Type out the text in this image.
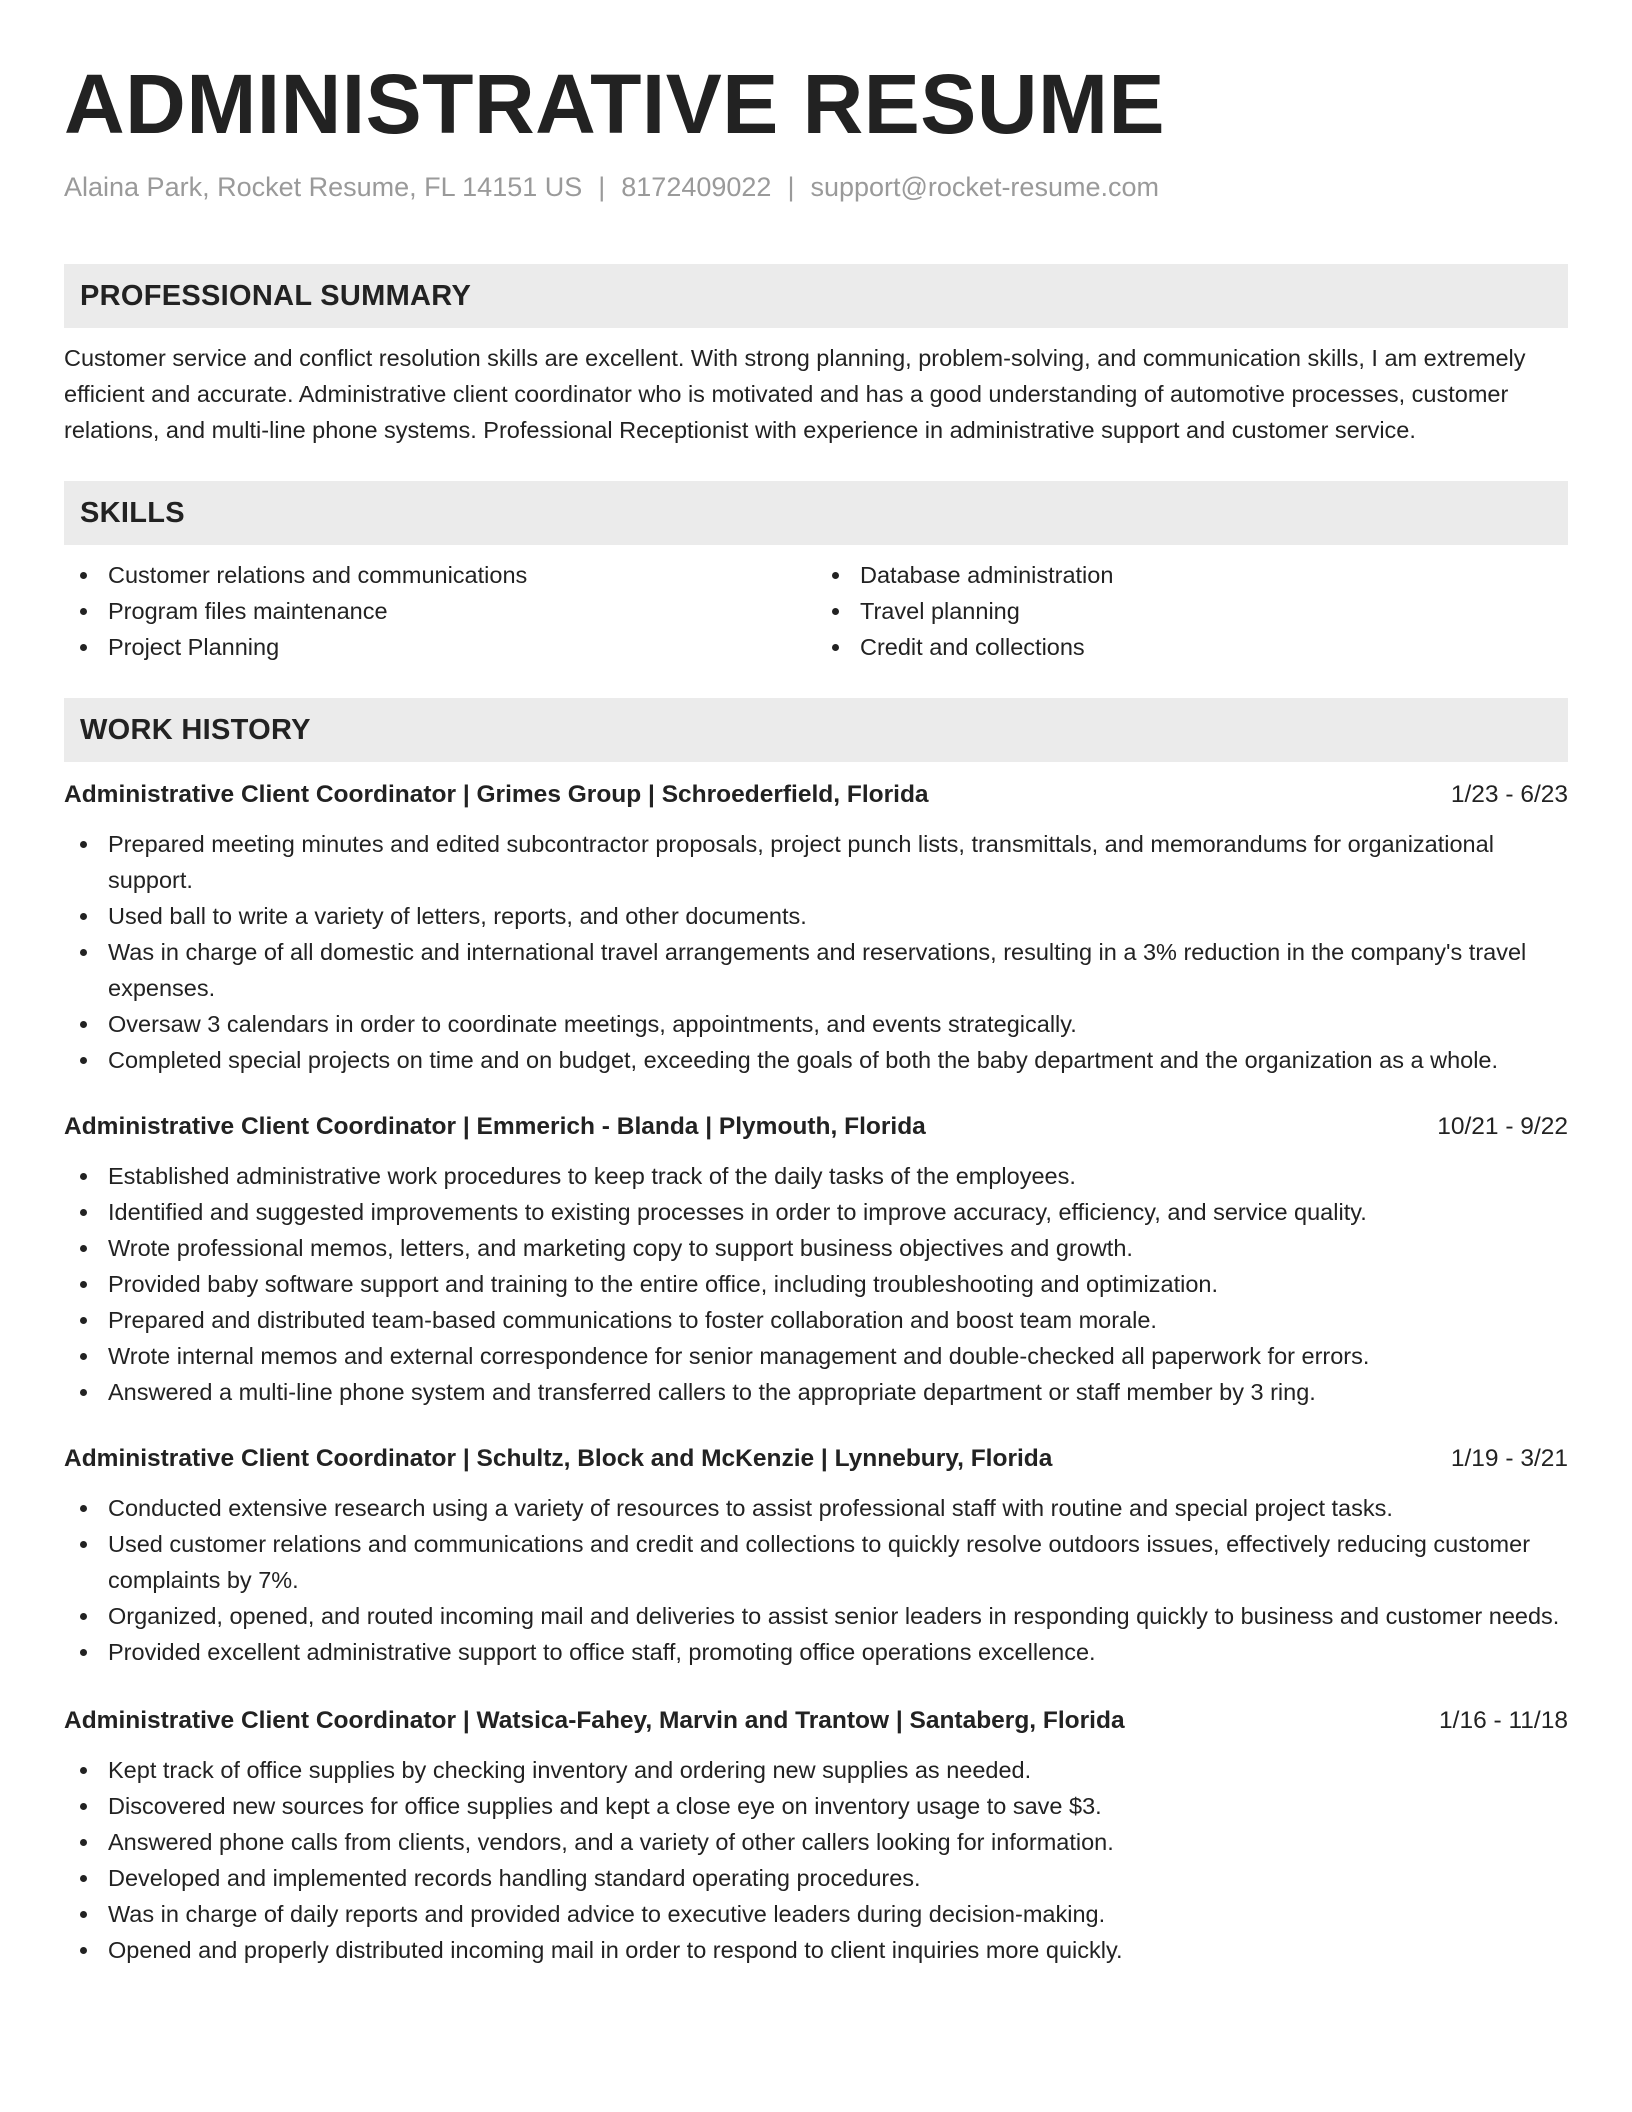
ADMINISTRATIVE RESUME
Alaina Park, Rocket Resume, FL 14151 US | 8172409022 | support@rocket-resume.com
PROFESSIONAL SUMMARY

Customer service and conflict resolution skills are excellent. With strong planning, problem-solving, and communication skills, I am extremely efficient and accurate. Administrative client coordinator who is motivated and has a good understanding of automotive processes, customer relations, and multi-line phone systems. Professional Receptionist with experience in administrative support and customer service.

SKILLS
Customer relations and communications
Program files maintenance
Project Planning
Database administration
Travel planning
Credit and collections
WORK HISTORY
Administrative Client Coordinator | Grimes Group | Schroederfield, Florida	1/23 - 6/23
Prepared meeting minutes and edited subcontractor proposals, project punch lists, transmittals, and memorandums for organizational support.
Used ball to write a variety of letters, reports, and other documents.
Was in charge of all domestic and international travel arrangements and reservations, resulting in a 3% reduction in the company's travel expenses.
Oversaw 3 calendars in order to coordinate meetings, appointments, and events strategically.
Completed special projects on time and on budget, exceeding the goals of both the baby department and the organization as a whole.
Administrative Client Coordinator | Emmerich - Blanda | Plymouth, Florida	10/21 - 9/22
Established administrative work procedures to keep track of the daily tasks of the employees.
Identified and suggested improvements to existing processes in order to improve accuracy, efficiency, and service quality.
Wrote professional memos, letters, and marketing copy to support business objectives and growth.
Provided baby software support and training to the entire office, including troubleshooting and optimization.
Prepared and distributed team-based communications to foster collaboration and boost team morale.
Wrote internal memos and external correspondence for senior management and double-checked all paperwork for errors.
Answered a multi-line phone system and transferred callers to the appropriate department or staff member by 3 ring.
Administrative Client Coordinator | Schultz, Block and McKenzie | Lynnebury, Florida	1/19 - 3/21
Conducted extensive research using a variety of resources to assist professional staff with routine and special project tasks.
Used customer relations and communications and credit and collections to quickly resolve outdoors issues, effectively reducing customer complaints by 7%.
Organized, opened, and routed incoming mail and deliveries to assist senior leaders in responding quickly to business and customer needs.
Provided excellent administrative support to office staff, promoting office operations excellence.
Administrative Client Coordinator | Watsica-Fahey, Marvin and Trantow | Santaberg, Florida	1/16 - 11/18
Kept track of office supplies by checking inventory and ordering new supplies as needed.
Discovered new sources for office supplies and kept a close eye on inventory usage to save $3.
Answered phone calls from clients, vendors, and a variety of other callers looking for information.
Developed and implemented records handling standard operating procedures.
Was in charge of daily reports and provided advice to executive leaders during decision-making.
Opened and properly distributed incoming mail in order to respond to client inquiries more quickly.
